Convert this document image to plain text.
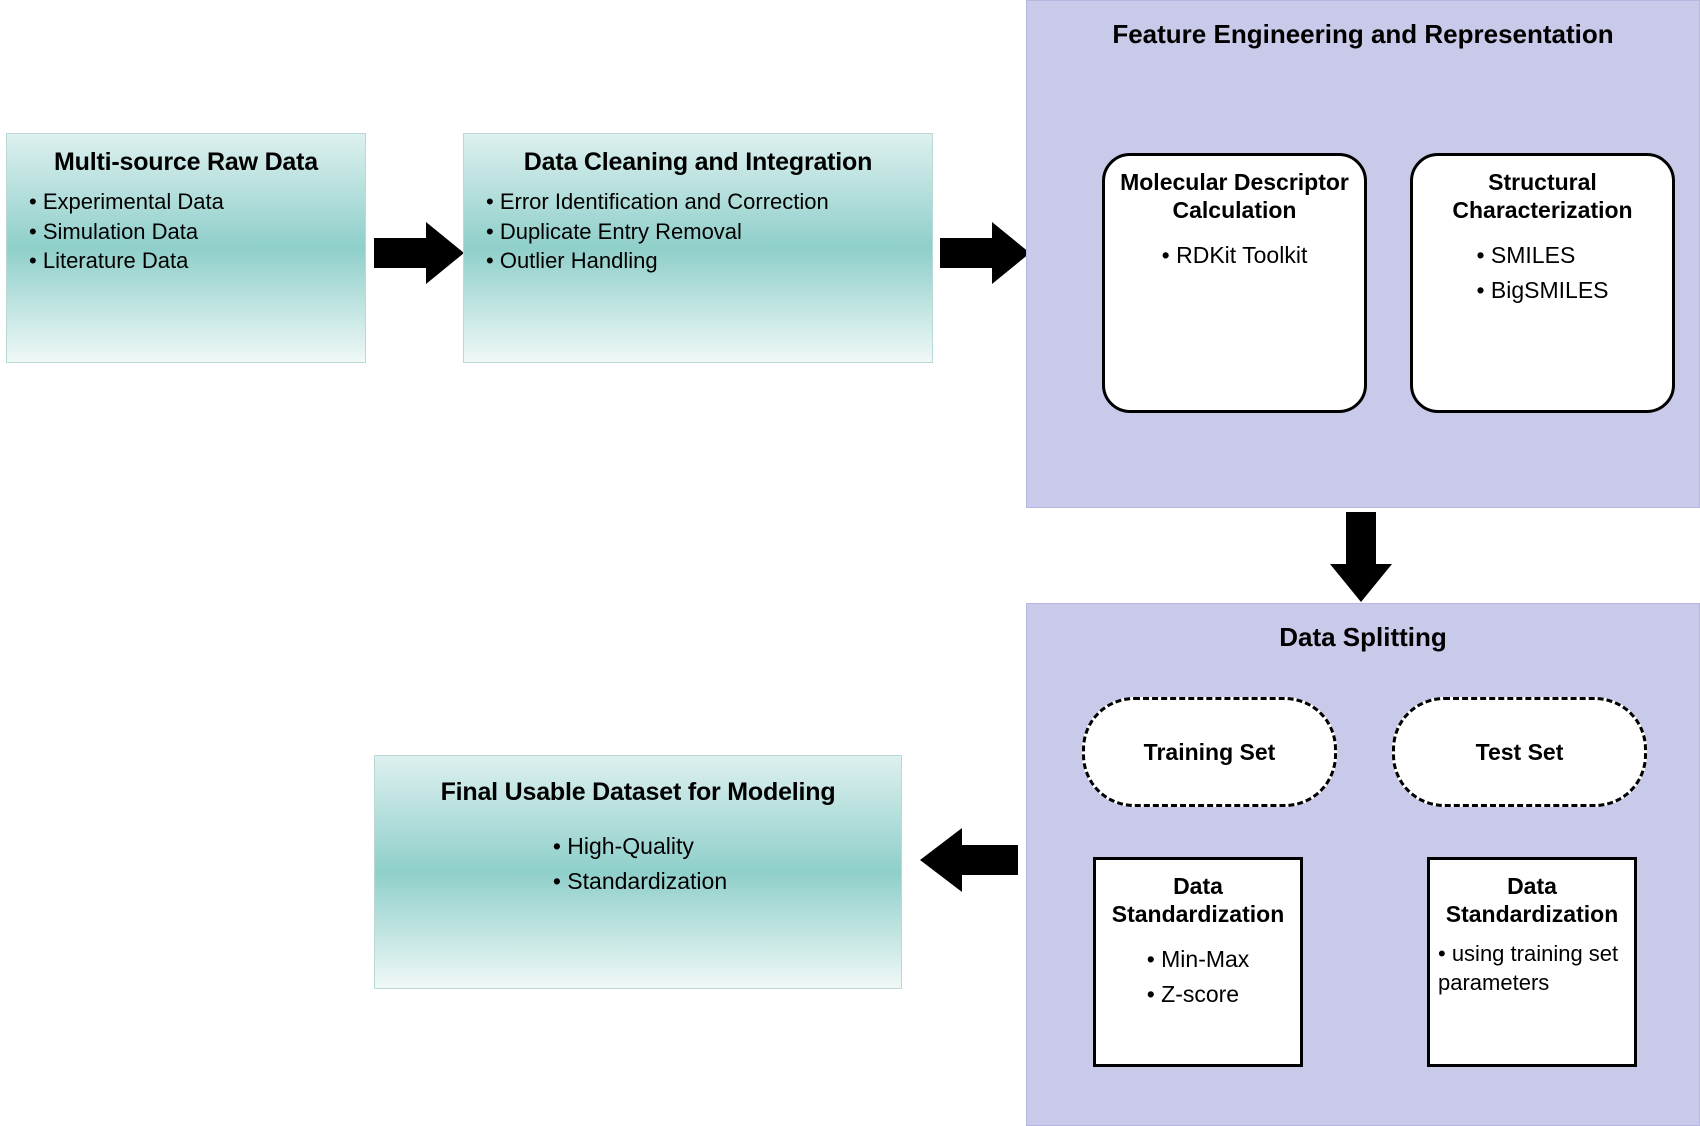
Multi-source Raw Data
• Experimental Data
• Simulation Data
• Literature Data
Data Cleaning and Integration
• Error Identification and Correction
• Duplicate Entry Removal
• Outlier Handling
Feature Engineering and Representation
Molecular Descriptor Calculation
• RDKit Toolkit
Structural Characterization
• SMILES
• BigSMILES
Data Splitting
Training Set	Test Set
Data Standardization
• Min-Max
• Z-score
Data Standardization
• using training set parameters
Final Usable Dataset for Modeling
• High-Quality
• Standardization
